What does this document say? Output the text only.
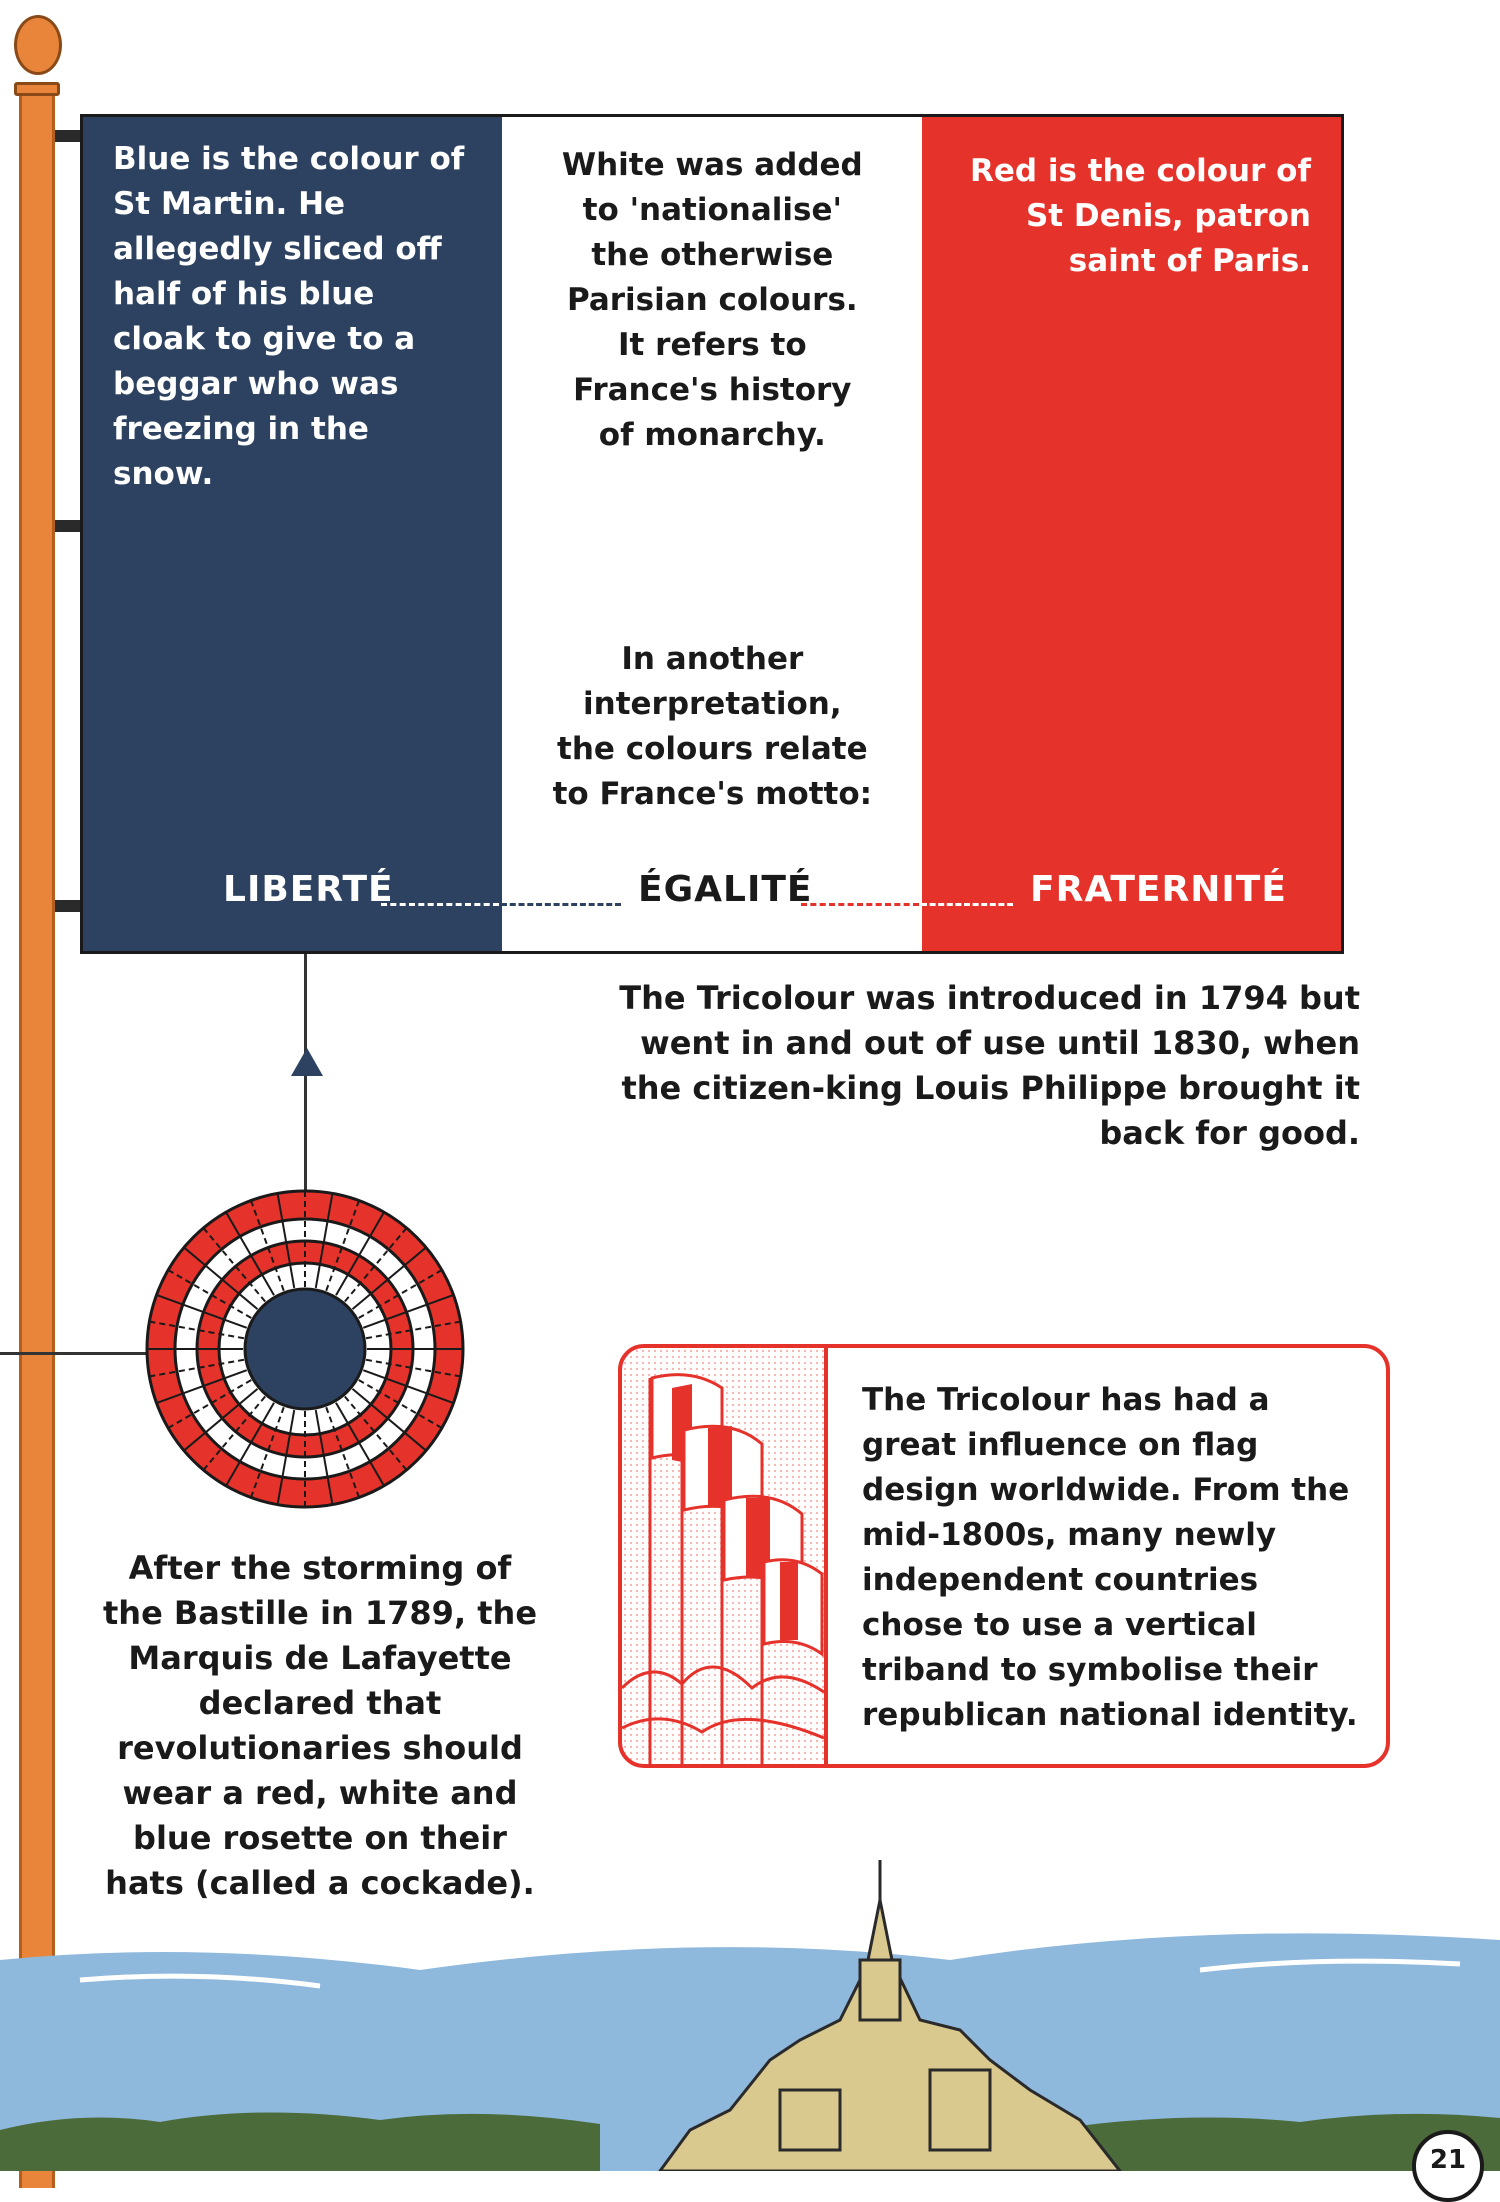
Blue is the colour of St Martin. He allegedly sliced off half of his blue cloak to give to a beggar who was freezing in the snow.
White was added to 'nationalise' the otherwise Parisian colours. It refers to France's history of monarchy.
In another interpretation, the colours relate to France's motto:
Red is the colour of St Denis, patron saint of Paris.
LIBERTÉ	ÉGALITÉ	FRATERNITÉ
The Tricolour was introduced in 1794 but went in and out of use until 1830, when the citizen-king Louis Philippe brought it back for good.
After the storming of the Bastille in 1789, the Marquis de Lafayette declared that revolutionaries should wear a red, white and blue rosette on their hats (called a cockade).
The Tricolour has had a great influence on flag design worldwide. From the mid-1800s, many newly independent countries chose to use a vertical triband to symbolise their republican national identity.
21
